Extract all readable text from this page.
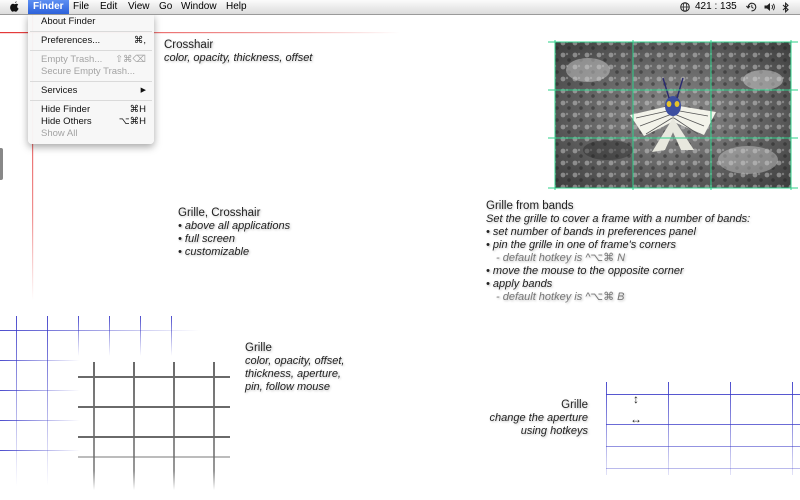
Finder File	Edit	View Go Window Help	421 : 135
About Finder
Preferences...	⌘,
Empty Trash... ⇧⌘⌫
Secure Empty Trash...
Services	▶
Hide Finder	⌘H
Hide Others	⌥⌘H
Show All
Crosshair
color, opacity, thickness, offset
Grille, Crosshair
• above all applications
• full screen
• customizable
Grille from bands
Set the grille to cover a frame with a number of bands:
• set number of bands in preferences panel
• pin the grille in one of frame's corners
- default hotkey is ^⌥⌘ N
• move the mouse to the opposite corner
• apply bands
- default hotkey is ^⌥⌘ B
Grille
color, opacity, offset,
thickness, aperture,
pin, follow mouse
Grille
change the aperture
using hotkeys
↕
↔
